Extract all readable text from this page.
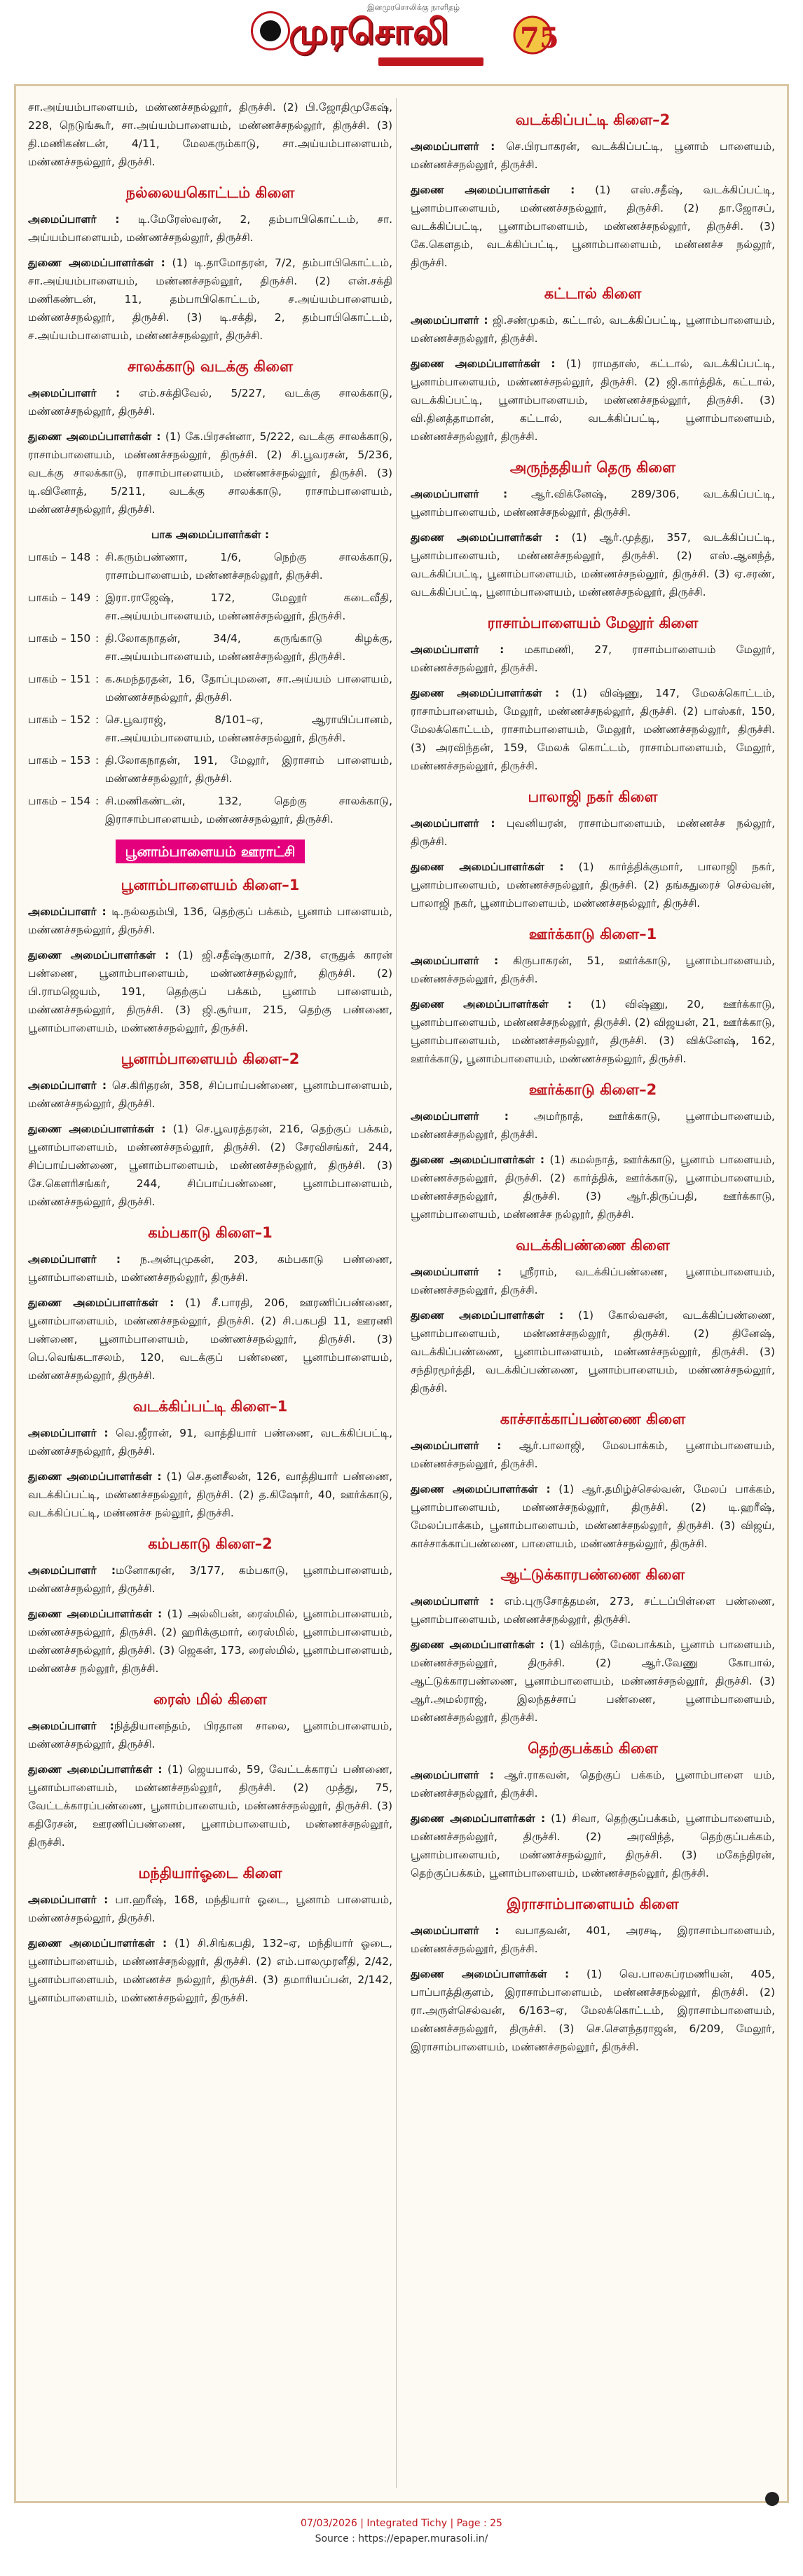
இனமுரசொலிக்கு நாளிதழ்
முரசொலி	75
சா.அய்யம்பாளையம், மண்ணச்சநல்லூர், திருச்சி. (2) பி.ஜோதிமுகேஷ், 228, நெடுங்கூர், சா.அய்யம்பாளையம், மண்ணச்சநல்லூர், திருச்சி. (3) தி.மணிகண்டன், 4/11, மேலகரும்காடு, சா.அய்யம்பாளையம், மண்ணச்சநல்லூர், திருச்சி.
நல்லையகொட்டம் கிளை
அமைப்பாளர் : டி.மேரேஸ்வரன், 2, தம்பாபிகொட்டம், சா. அய்யம்பாளையம், மண்ணச்சநல்லூர், திருச்சி.
துணை அமைப்பாளர்கள் : (1) டி.தாமோதரன், 7/2, தம்பாபிகொட்டம், சா.அய்யம்பாளையம், மண்ணச்சநல்லூர், திருச்சி. (2) என்.சக்தி மணிகண்டன், 11, தம்பாபிகொட்டம், ச.அய்யம்பாளையம், மண்ணச்சநல்லூர், திருச்சி. (3) டி.சக்தி, 2, தம்பாபிகொட்டம், ச.அய்யம்பாளையம், மண்ணச்சநல்லூர், திருச்சி.
சாலக்காடு வடக்கு கிளை
அமைப்பாளர் : எம்.சக்திவேல், 5/227, வடக்கு சாலக்காடு, மண்ணச்சநல்லூர், திருச்சி.
துணை அமைப்பாளர்கள் : (1) கே.பிரசன்னா, 5/222, வடக்கு சாலக்காடு, ராசாம்பாளையம், மண்ணச்சநல்லூர், திருச்சி. (2) சி.பூவரசன், 5/236, வடக்கு சாலக்காடு, ராசாம்பாளையம், மண்ணச்சநல்லூர், திருச்சி. (3) டி.வினோத், 5/211, வடக்கு சாலக்காடு, ராசாம்பாளையம், மண்ணச்சநல்லூர், திருச்சி.
பாக அமைப்பாளர்கள் :
பாகம் – 148 : சி.கரும்பண்ணா, 1/6, நெற்கு சாலக்காடு, ராசாம்பாளையம், மண்ணச்சநல்லூர், திருச்சி.
பாகம் – 149 : இரா.ராஜேஷ், 172, மேலூர் கடைவீதி, சா.அய்யம்பாளையம், மண்ணச்சநல்லூர், திருச்சி.
பாகம் – 150 : தி.லோகநாதன், 34/4, கருங்காடு கிழக்கு, சா.அய்யம்பாளையம், மண்ணச்சநல்லூர், திருச்சி.
பாகம் – 151 : க.சுமந்தரதன், 16, தோப்புமனை, சா.அய்யம் பாளையம், மண்ணச்சநல்லூர், திருச்சி.
பாகம் – 152 : செ.பூவராஜ், 8/101–ஏ, ஆராயிப்பானம், சா.அய்யம்பாளையம், மண்ணச்சநல்லூர், திருச்சி.
பாகம் – 153 : தி.லோகநாதன், 191, மேலூர், இராசாம் பாளையம், மண்ணச்சநல்லூர், திருச்சி.
பாகம் – 154 : சி.மணிகண்டன், 132, தெற்கு சாலக்காடு, இராசாம்பாளையம், மண்ணச்சநல்லூர், திருச்சி.
பூனாம்பாளையம் ஊராட்சி
பூனாம்பாளையம் கிளை–1
அமைப்பாளர் : டி.நல்லதம்பி, 136, தெற்குப் பக்கம், பூனாம் பாளையம், மண்ணச்சநல்லூர், திருச்சி.
துணை அமைப்பாளர்கள் : (1) ஜி.சதீஷ்குமார், 2/38, எருதுக் காரன் பண்ணை, பூனாம்பாளையம், மண்ணச்சநல்லூர், திருச்சி. (2) பி.ராமஜெயம், 191, தெற்குப் பக்கம், பூனாம் பாளையம், மண்ணச்சநல்லூர், திருச்சி. (3) ஜி.சூர்யா, 215, தெற்கு பண்ணை, பூனாம்பாளையம், மண்ணச்சநல்லூர், திருச்சி.
பூனாம்பாளையம் கிளை–2
அமைப்பாளர் : செ.கிரிதரன், 358, சிப்பாய்பண்ணை, பூனாம்பாளையம், மண்ணச்சநல்லூர், திருச்சி.
துணை அமைப்பாளர்கள் : (1) செ.பூவரத்தரன், 216, தெற்குப் பக்கம், பூனாம்பாளையம், மண்ணச்சநல்லூர், திருச்சி. (2) சேரவிசங்கர், 244, சிப்பாய்பண்ணை, பூனாம்பாளையம், மண்ணச்சநல்லூர், திருச்சி. (3) சே.கௌரிசங்கர், 244, சிப்பாய்பண்ணை, பூனாம்பாளையம், மண்ணச்சநல்லூர், திருச்சி.
கம்பகாடு கிளை–1
அமைப்பாளர் : ந.அன்புமுகன், 203, கம்பகாடு பண்ணை, பூனாம்பாளையம், மண்ணச்சநல்லூர், திருச்சி.
துணை அமைப்பாளர்கள் : (1) சீ.பாரதி, 206, ஊரணிப்பண்ணை, பூனாம்பாளையம், மண்ணச்சநல்லூர், திருச்சி. (2) சி.பகபதி 11, ஊரணி பண்ணை, பூனாம்பாளையம், மண்ணச்சநல்லூர், திருச்சி. (3) பெ.வெங்கடாசலம், 120, வடக்குப் பண்ணை, பூனாம்பாளையம், மண்ணச்சநல்லூர், திருச்சி.
வடக்கிப்பட்டி கிளை–1
அமைப்பாளர் : வெ.ஜீரான், 91, வாத்தியார் பண்ணை, வடக்கிப்பட்டி, மண்ணச்சநல்லூர், திருச்சி.
துணை அமைப்பாளர்கள் : (1) செ.தனசீலன், 126, வாத்தியார் பண்ணை, வடக்கிப்பட்டி, மண்ணச்சநல்லூர், திருச்சி. (2) த.கிஷோர், 40, ஊர்க்காடு, வடக்கிப்பட்டி, மண்ணச்ச நல்லூர், திருச்சி.
கம்பகாடு கிளை–2
அமைப்பாளர் :மனோகரன், 3/177, கம்பகாடு, பூனாம்பாளையம், மண்ணச்சநல்லூர், திருச்சி.
துணை அமைப்பாளர்கள் : (1) அல்லிபன், ரைஸ்மில், பூனாம்பாளையம், மண்ணச்சநல்லூர், திருச்சி. (2) ஹரிக்குமார், ரைஸ்மில், பூனாம்பாளையம், மண்ணச்சநல்லூர், திருச்சி. (3) ஜெகன், 173, ரைஸ்மில், பூனாம்பாளையம், மண்ணச்ச நல்லூர், திருச்சி.
ரைஸ் மில் கிளை
அமைப்பாளர் :நித்தியானந்தம், பிரதான சாலை, பூனாம்பாளையம், மண்ணச்சநல்லூர், திருச்சி.
துணை அமைப்பாளர்கள் : (1) ஜெயபால், 59, வேட்டக்காரப் பண்ணை, பூனாம்பாளையம், மண்ணச்சநல்லூர், திருச்சி. (2) முத்து, 75, வேட்டக்காரப்பண்ணை, பூனாம்பாளையம், மண்ணச்சநல்லூர், திருச்சி. (3) கதிரேசன், ஊரணிப்பண்ணை, பூனாம்பாளையம், மண்ணச்சநல்லூர், திருச்சி.
மந்தியார்ஓடை கிளை
அமைப்பாளர் : பா.ஹரீஷ், 168, மந்தியார் ஓடை, பூனாம் பாளையம், மண்ணச்சநல்லூர், திருச்சி.
துணை அமைப்பாளர்கள் : (1) சி.சிங்கபதி, 132–ஏ, மந்தியார் ஓடை, பூனாம்பாளையம், மண்ணச்சநல்லூர், திருச்சி. (2) எம்.பாலமுரளீதி, 2/42, பூனாம்பாளையம், மண்ணச்ச நல்லூர், திருச்சி. (3) தமாரியப்பன், 2/142, பூனாம்பாளையம், மண்ணச்சநல்லூர், திருச்சி.
வடக்கிப்பட்டி கிளை–2
அமைப்பாளர் : செ.பிரபாகரன், வடக்கிப்பட்டி, பூனாம் பாளையம், மண்ணச்சநல்லூர், திருச்சி.
துணை அமைப்பாளர்கள் : (1) எஸ்.சதீஷ், வடக்கிப்பட்டி, பூனாம்பாளையம், மண்ணச்சநல்லூர், திருச்சி. (2) தா.ஜோசப், வடக்கிப்பட்டி, பூனாம்பாளையம், மண்ணச்சநல்லூர், திருச்சி. (3) கே.கௌதம், வடக்கிப்பட்டி, பூனாம்பாளையம், மண்ணச்ச நல்லூர், திருச்சி.
கட்டால் கிளை
அமைப்பாளர் : ஜி.சண்முகம், கட்டால், வடக்கிப்பட்டி, பூனாம்பாளையம், மண்ணச்சநல்லூர், திருச்சி.
துணை அமைப்பாளர்கள் : (1) ராமதாஸ், கட்டால், வடக்கிப்பட்டி, பூனாம்பாளையம், மண்ணச்சநல்லூர், திருச்சி. (2) ஜி.கார்த்திக், கட்டால், வடக்கிப்பட்டி, பூனாம்பாளையம், மண்ணச்சநல்லூர், திருச்சி. (3) வி.தினத்தாமான், கட்டால், வடக்கிப்பட்டி, பூனாம்பாளையம், மண்ணச்சநல்லூர், திருச்சி.
அருந்ததியர் தெரு கிளை
அமைப்பாளர் : ஆர்.விக்னேஷ், 289/306, வடக்கிப்பட்டி, பூனாம்பாளையம், மண்ணச்சநல்லூர், திருச்சி.
துணை அமைப்பாளர்கள் : (1) ஆர்.முத்து, 357, வடக்கிப்பட்டி, பூனாம்பாளையம், மண்ணச்சநல்லூர், திருச்சி. (2) எஸ்.ஆனந்த், வடக்கிப்பட்டி, பூனாம்பாளையம், மண்ணச்சநல்லூர், திருச்சி. (3) ஏ.சரண், வடக்கிப்பட்டி, பூனாம்பாளையம், மண்ணச்சநல்லூர், திருச்சி.
ராசாம்பாளையம் மேலூர் கிளை
அமைப்பாளர் : மகாமணி, 27, ராசாம்பாளையம் மேலூர், மண்ணச்சநல்லூர், திருச்சி.
துணை அமைப்பாளர்கள் : (1) விஷ்ணு, 147, மேலக்கொட்டம், ராசாம்பாளையம், மேலூர், மண்ணச்சநல்லூர், திருச்சி. (2) பாஸ்கர், 150, மேலக்கொட்டம், ராசாம்பாளையம், மேலூர், மண்ணச்சநல்லூர், திருச்சி. (3) அரவிந்தன், 159, மேலக் கொட்டம், ராசாம்பாளையம், மேலூர், மண்ணச்சநல்லூர், திருச்சி.
பாலாஜி நகர் கிளை
அமைப்பாளர் : புவனியரன், ராசாம்பாளையம், மண்ணச்ச நல்லூர், திருச்சி.
துணை அமைப்பாளர்கள் : (1) கார்த்திக்குமார், பாலாஜி நகர், பூனாம்பாளையம், மண்ணச்சநல்லூர், திருச்சி. (2) தங்கதுரைச் செல்வன், பாலாஜி நகர், பூனாம்பாளையம், மண்ணச்சநல்லூர், திருச்சி.
ஊர்க்காடு கிளை–1
அமைப்பாளர் : கிருபாகரன், 51, ஊர்க்காடு, பூனாம்பாளையம், மண்ணச்சநல்லூர், திருச்சி.
துணை அமைப்பாளர்கள் : (1) விஷ்ணு, 20, ஊர்க்காடு, பூனாம்பாளையம், மண்ணச்சநல்லூர், திருச்சி. (2) விஜயன், 21, ஊர்க்காடு, பூனாம்பாளையம், மண்ணச்சநல்லூர், திருச்சி. (3) விக்னேஷ், 162, ஊர்க்காடு, பூனாம்பாளையம், மண்ணச்சநல்லூர், திருச்சி.
ஊர்க்காடு கிளை–2
அமைப்பாளர் : அமர்நாத், ஊர்க்காடு, பூனாம்பாளையம், மண்ணச்சநல்லூர், திருச்சி.
துணை அமைப்பாளர்கள் : (1) கமல்நாத், ஊர்க்காடு, பூனாம் பாளையம், மண்ணச்சநல்லூர், திருச்சி. (2) கார்த்திக், ஊர்க்காடு, பூனாம்பாளையம், மண்ணச்சநல்லூர், திருச்சி. (3) ஆர்.திருப்பதி, ஊர்க்காடு, பூனாம்பாளையம், மண்ணச்ச நல்லூர், திருச்சி.
வடக்கிபண்ணை கிளை
அமைப்பாளர் : ஸ்ரீராம், வடக்கிப்பண்ணை, பூனாம்பாளையம், மண்ணச்சநல்லூர், திருச்சி.
துணை அமைப்பாளர்கள் : (1) கோல்வசன், வடக்கிப்பண்ணை, பூனாம்பாளையம், மண்ணச்சநல்லூர், திருச்சி. (2) தினேஷ், வடக்கிப்பண்ணை, பூனாம்பாளையம், மண்ணச்சநல்லூர், திருச்சி. (3) சந்திரமூர்த்தி, வடக்கிப்பண்ணை, பூனாம்பாளையம், மண்ணச்சநல்லூர், திருச்சி.
காச்சாக்காப்பண்ணை கிளை
அமைப்பாளர் : ஆர்.பாலாஜி, மேலபாக்கம், பூனாம்பாளையம், மண்ணச்சநல்லூர், திருச்சி.
துணை அமைப்பாளர்கள் : (1) ஆர்.தமிழ்ச்செல்வன், மேலப் பாக்கம், பூனாம்பாளையம், மண்ணச்சநல்லூர், திருச்சி. (2) டி.ஹரீஷ், மேலப்பாக்கம், பூனாம்பாளையம், மண்ணச்சநல்லூர், திருச்சி. (3) விஜய், காச்சாக்காப்பண்ணை, பாளையம், மண்ணச்சநல்லூர், திருச்சி.
ஆட்டுக்காரபண்ணை கிளை
அமைப்பாளர் : எம்.புருசோத்தமன், 273, சட்டப்பிள்ளை பண்ணை, பூனாம்பாளையம், மண்ணச்சநல்லூர், திருச்சி.
துணை அமைப்பாளர்கள் : (1) விக்ரந், மேலபாக்கம், பூனாம் பாளையம், மண்ணச்சநல்லூர், திருச்சி. (2) ஆர்.வேணு கோபால், ஆட்டுக்காரபண்ணை, பூனாம்பாளையம், மண்ணச்சநல்லூர், திருச்சி. (3) ஆர்.அமல்ராஜ், இலந்தச்சாப் பண்ணை, பூனாம்பாளையம், மண்ணச்சநல்லூர், திருச்சி.
தெற்குபக்கம் கிளை
அமைப்பாளர் : ஆர்.ராகவன், தெற்குப் பக்கம், பூனாம்பாளை யம், மண்ணச்சநல்லூர், திருச்சி.
துணை அமைப்பாளர்கள் : (1) சிவா, தெற்குப்பக்கம், பூனாம்பாளையம், மண்ணச்சநல்லூர், திருச்சி. (2) அரவிந்த், தெற்குப்பக்கம், பூனாம்பாளையம், மண்ணச்சநல்லூர், திருச்சி. (3) மகேந்திரன், தெற்குப்பக்கம், பூனாம்பாளையம், மண்ணச்சநல்லூர், திருச்சி.
இராசாம்பாளையம் கிளை
அமைப்பாளர் : வபாதவன், 401, அரசடி, இராசாம்பாளையம், மண்ணச்சநல்லூர், திருச்சி.
துணை அமைப்பாளர்கள் : (1) வெ.பாலசுப்ரமணியன், 405, பாப்பாத்திகுளம், இராசாம்பாளையம், மண்ணச்சநல்லூர், திருச்சி. (2) ரா.அருள்செல்வன், 6/163–ஏ, மேலக்கொட்டம், இராசாம்பாளையம், மண்ணச்சநல்லூர், திருச்சி. (3) செ.சௌந்தராஜன், 6/209, மேலூர், இராசாம்பாளையம், மண்ணச்சநல்லூர், திருச்சி.
07/03/2026 | Integrated Tichy | Page : 25
Source : https://epaper.murasoli.in/
